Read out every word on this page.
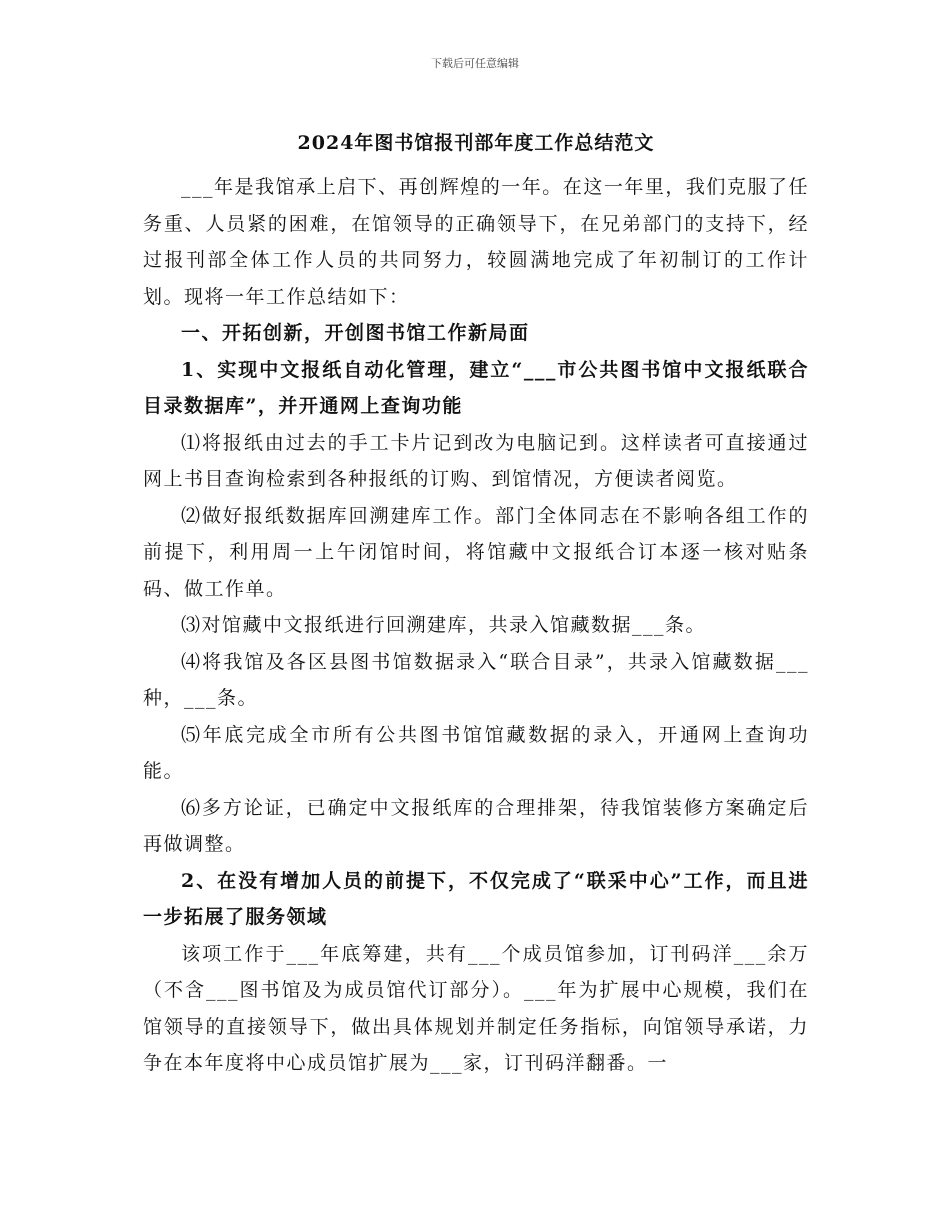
下载后可任意编辑
2024年图书馆报刊部年度工作总结范文

___年是我馆承上启下、再创辉煌的一年。在这一年里，我们克服了任务重、人员紧的困难，在馆领导的正确领导下，在兄弟部门的支持下，经过报刊部全体工作人员的共同努力，较圆满地完成了年初制订的工作计划。现将一年工作总结如下：

一、开拓创新，开创图书馆工作新局面

1、实现中文报纸自动化管理，建立“___市公共图书馆中文报纸联合目录数据库”，并开通网上查询功能

⑴将报纸由过去的手工卡片记到改为电脑记到。这样读者可直接通过网上书目查询检索到各种报纸的订购、到馆情况，方便读者阅览。

⑵做好报纸数据库回溯建库工作。部门全体同志在不影响各组工作的前提下，利用周一上午闭馆时间，将馆藏中文报纸合订本逐一核对贴条码、做工作单。

⑶对馆藏中文报纸进行回溯建库，共录入馆藏数据___条。

⑷将我馆及各区县图书馆数据录入“联合目录”，共录入馆藏数据___种，___条。

⑸年底完成全市所有公共图书馆馆藏数据的录入，开通网上查询功能。

⑹多方论证，已确定中文报纸库的合理排架，待我馆装修方案确定后再做调整。

2、在没有增加人员的前提下，不仅完成了“联采中心”工作，而且进一步拓展了服务领域

该项工作于___年底筹建，共有___个成员馆参加，订刊码洋___余万（不含___图书馆及为成员馆代订部分）。___年为扩展中心规模，我们在馆领导的直接领导下，做出具体规划并制定任务指标，向馆领导承诺，力争在本年度将中心成员馆扩展为___家，订刊码洋翻番。一
